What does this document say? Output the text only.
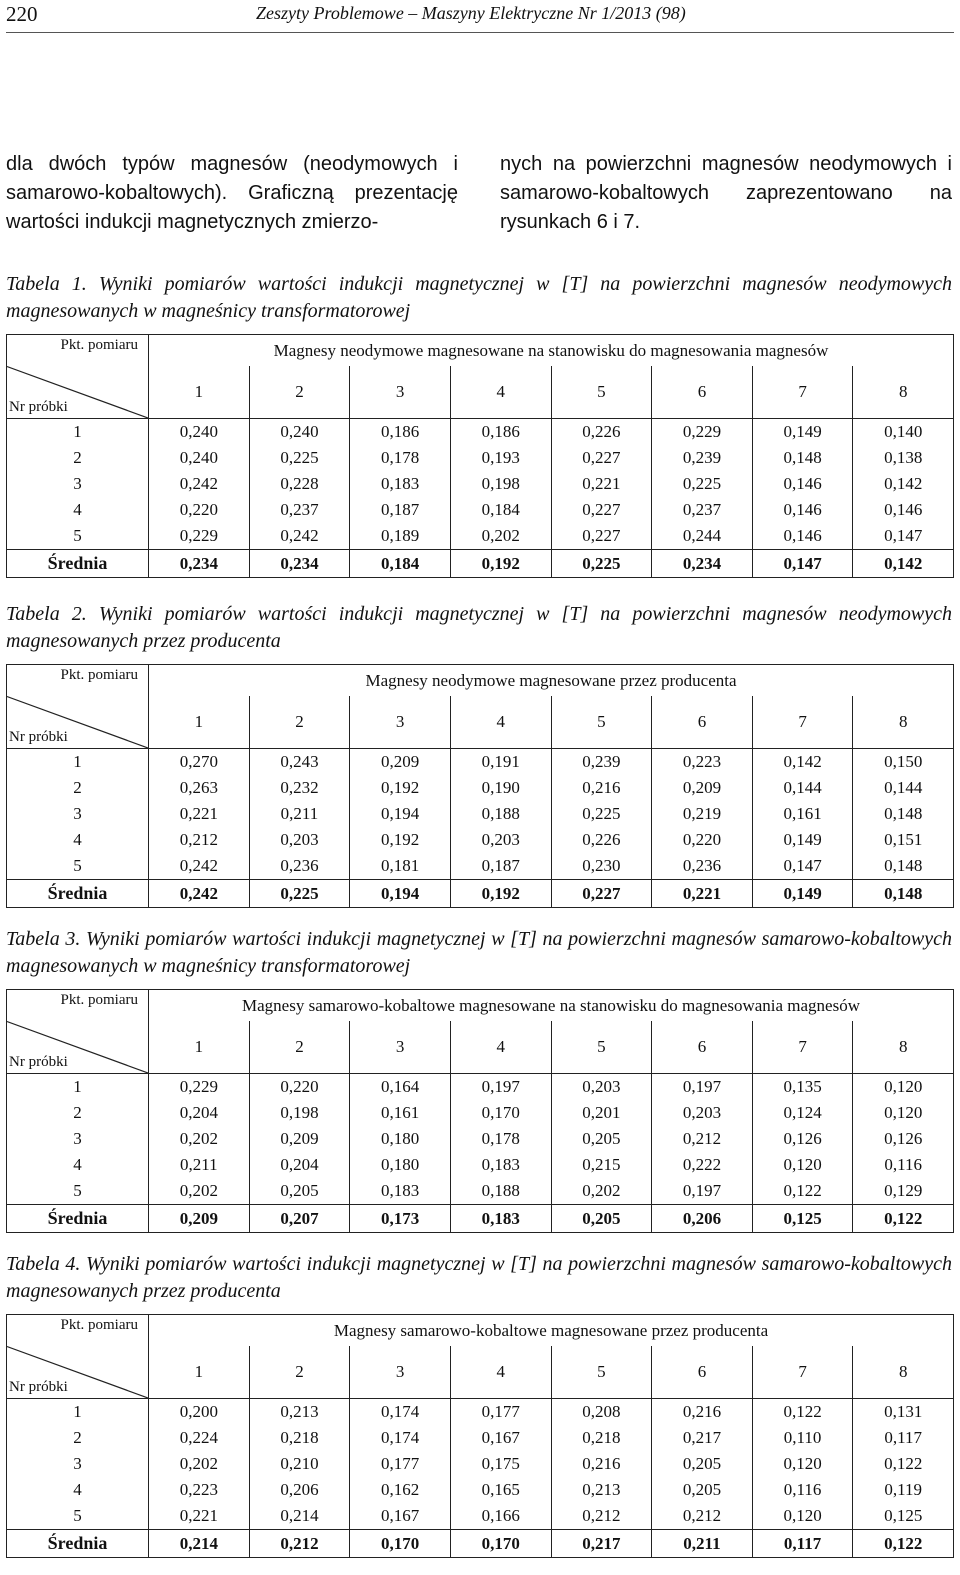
220	Zeszyty Problemowe – Maszyny Elektryczne Nr 1/2013 (98)
dla dwóch typów magnesów (neodymowych i samarowo-kobaltowych). Graficzną prezentację wartości indukcji magnetycznych zmierzo-
nych na powierzchni magnesów neodymowych i samarowo-kobaltowych zaprezentowano na rysunkach 6 i 7.
Tabela 1. Wyniki pomiarów wartości indukcji magnetycznej w [T] na powierzchni magnesów neodymowych magnesowanych w magneśnicy transformatorowej
Pkt. pomiaru
Nr próbki	Magnesy neodymowe magnesowane na stanowisku do magnesowania magnesów							
	1	2	3	4	5	6	7	8
1	0,240	0,240	0,186	0,186	0,226	0,229	0,149	0,140
2	0,240	0,225	0,178	0,193	0,227	0,239	0,148	0,138
3	0,242	0,228	0,183	0,198	0,221	0,225	0,146	0,142
4	0,220	0,237	0,187	0,184	0,227	0,237	0,146	0,146
5	0,229	0,242	0,189	0,202	0,227	0,244	0,146	0,147
Średnia	0,234	0,234	0,184	0,192	0,225	0,234	0,147	0,142
Tabela 2. Wyniki pomiarów wartości indukcji magnetycznej w [T] na powierzchni magnesów neodymowych magnesowanych przez producenta
Pkt. pomiaru
Nr próbki	Magnesy neodymowe magnesowane przez producenta							
	1	2	3	4	5	6	7	8
1	0,270	0,243	0,209	0,191	0,239	0,223	0,142	0,150
2	0,263	0,232	0,192	0,190	0,216	0,209	0,144	0,144
3	0,221	0,211	0,194	0,188	0,225	0,219	0,161	0,148
4	0,212	0,203	0,192	0,203	0,226	0,220	0,149	0,151
5	0,242	0,236	0,181	0,187	0,230	0,236	0,147	0,148
Średnia	0,242	0,225	0,194	0,192	0,227	0,221	0,149	0,148
Tabela 3. Wyniki pomiarów wartości indukcji magnetycznej w [T] na powierzchni magnesów samarowo-kobaltowych magnesowanych w magneśnicy transformatorowej
Pkt. pomiaru
Nr próbki	Magnesy samarowo-kobaltowe magnesowane na stanowisku do magnesowania magnesów							
	1	2	3	4	5	6	7	8
1	0,229	0,220	0,164	0,197	0,203	0,197	0,135	0,120
2	0,204	0,198	0,161	0,170	0,201	0,203	0,124	0,120
3	0,202	0,209	0,180	0,178	0,205	0,212	0,126	0,126
4	0,211	0,204	0,180	0,183	0,215	0,222	0,120	0,116
5	0,202	0,205	0,183	0,188	0,202	0,197	0,122	0,129
Średnia	0,209	0,207	0,173	0,183	0,205	0,206	0,125	0,122
Tabela 4. Wyniki pomiarów wartości indukcji magnetycznej w [T] na powierzchni magnesów samarowo-kobaltowych magnesowanych przez producenta
Pkt. pomiaru
Nr próbki	Magnesy samarowo-kobaltowe magnesowane przez producenta							
	1	2	3	4	5	6	7	8
1	0,200	0,213	0,174	0,177	0,208	0,216	0,122	0,131
2	0,224	0,218	0,174	0,167	0,218	0,217	0,110	0,117
3	0,202	0,210	0,177	0,175	0,216	0,205	0,120	0,122
4	0,223	0,206	0,162	0,165	0,213	0,205	0,116	0,119
5	0,221	0,214	0,167	0,166	0,212	0,212	0,120	0,125
Średnia	0,214	0,212	0,170	0,170	0,217	0,211	0,117	0,122
